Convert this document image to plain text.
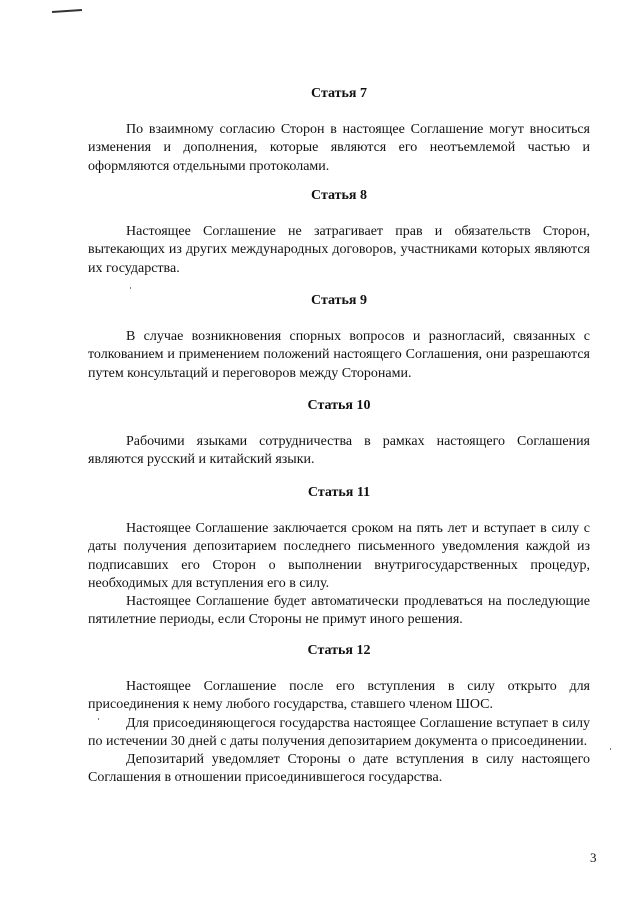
Статья 7

По взаимному согласию Сторон в настоящее Соглашение могут вноситься изменения и дополнения, которые являются его неотъемлемой частью и оформляются отдельными протоколами.

Статья 8

Настоящее Соглашение не затрагивает прав и обязательств Сторон, вытекающих из других международных договоров, участниками которых являются их государства.

Статья 9

В случае возникновения спорных вопросов и разногласий, связанных с толкованием и применением положений настоящего Соглашения, они разрешаются путем консультаций и переговоров между Сторонами.

Статья 10

Рабочими языками сотрудничества в рамках настоящего Соглашения являются русский и китайский языки.

Статья 11

Настоящее Соглашение заключается сроком на пять лет и вступает в силу с даты получения депозитарием последнего письменного уведомления каждой из подписавших его Сторон о выполнении внутригосударственных процедур, необходимых для вступления его в силу.

Настоящее Соглашение будет автоматически продлеваться на последующие пятилетние периоды, если Стороны не примут иного решения.

Статья 12

Настоящее Соглашение после его вступления в силу открыто для присоединения к нему любого государства, ставшего членом ШОС.

Для присоединяющегося государства настоящее Соглашение вступает в силу по истечении 30 дней с даты получения депозитарием документа о присоединении.

Депозитарий уведомляет Стороны о дате вступления в силу настоящего Соглашения в отношении присоединившегося государства.

3
